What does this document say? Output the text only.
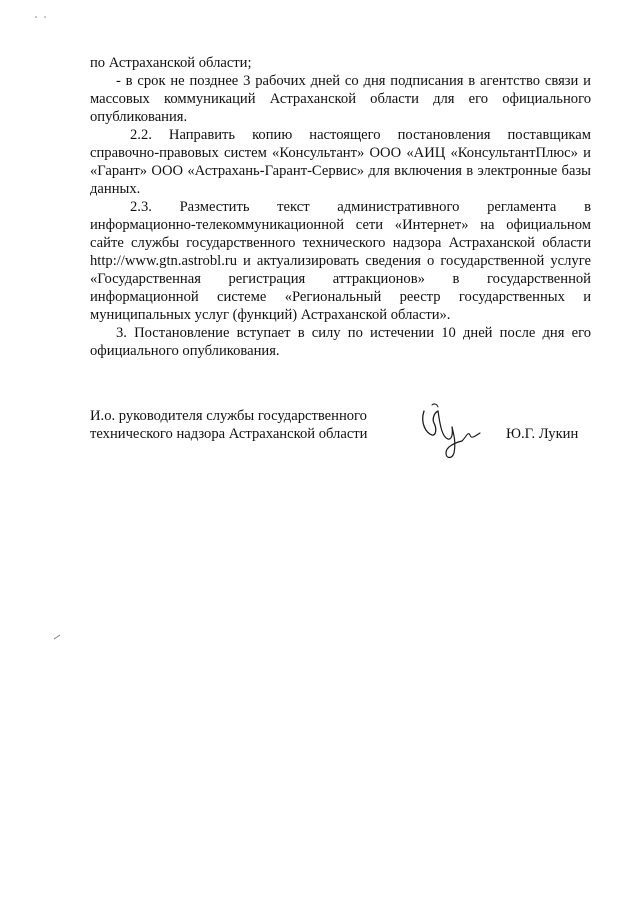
по Астраханской области;

- в срок не позднее 3 рабочих дней со дня подписания в агентство связи и массовых коммуникаций Астраханской области для его официального опубликования.

2.2. Направить копию настоящего постановления поставщикам справочно-правовых систем «Консультант» ООО «АИЦ «КонсультантПлюс» и «Гарант» ООО «Астрахань-Гарант-Сервис» для включения в электронные базы данных.

2.3. Разместить текст административного регламента в

информационно-телекоммуникационной сети «Интернет» на официальном сайте службы государственного технического надзора Астраханской области http://www.gtn.astrobl.ru и актуализировать сведения о государственной услуге «Государственная регистрация аттракционов» в государственной информационной системе «Региональный реестр государственных и муниципальных услуг (функций) Астраханской области».

3. Постановление вступает в силу по истечении 10 дней после дня его официального опубликования.

И.о. руководителя службы государственного
технического надзора Астраханской области	Ю.Г. Лукин
